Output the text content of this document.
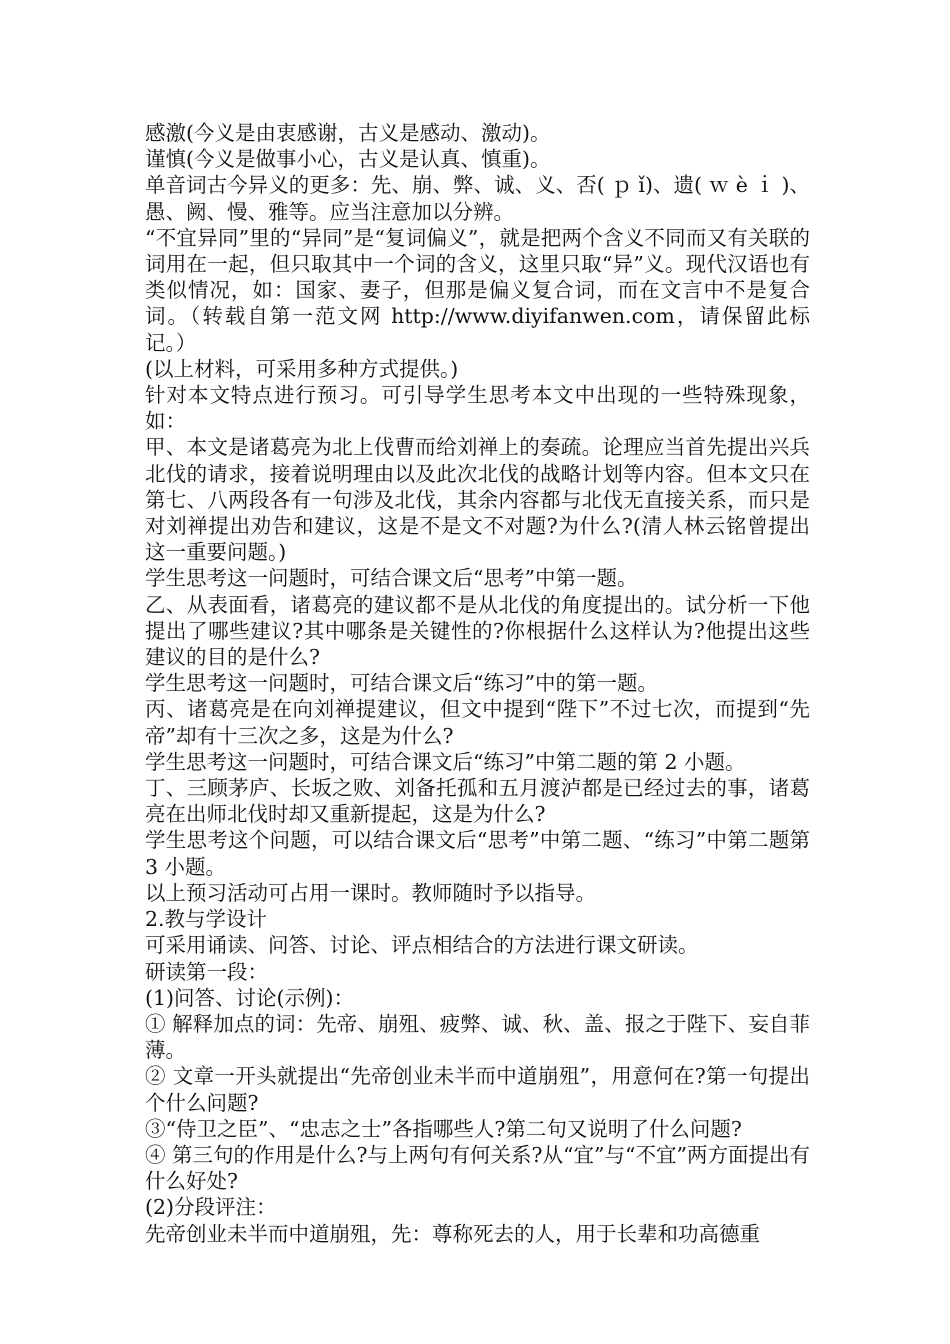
感激(今义是由衷感谢，古义是感动、激动)。

谨慎(今义是做事小心，古义是认真、慎重)。

单音词古今异义的更多：先、崩、弊、诚、义、否( ｐ ǐ)、遗( ｗ è ｉ )、愚、阙、慢、雅等。应当注意加以分辨。

“不宜异同”里的“异同”是“复词偏义”，就是把两个含义不同而又有关联的词用在一起，但只取其中一个词的含义，这里只取“异”义。现代汉语也有类似情况，如：国家、妻子，但那是偏义复合词，而在文言中不是复合词。（转载自第一范文网 http://www.diyifanwen.com，请保留此标记。）

(以上材料，可采用多种方式提供。)

针对本文特点进行预习。可引导学生思考本文中出现的一些特殊现象，如：

甲、本文是诸葛亮为北上伐曹而给刘禅上的奏疏。论理应当首先提出兴兵北伐的请求，接着说明理由以及此次北伐的战略计划等内容。但本文只在第七、八两段各有一句涉及北伐，其余内容都与北伐无直接关系，而只是对刘禅提出劝告和建议，这是不是文不对题?为什么?(清人林云铭曾提出这一重要问题。)

学生思考这一问题时，可结合课文后“思考”中第一题。

乙、从表面看，诸葛亮的建议都不是从北伐的角度提出的。试分析一下他提出了哪些建议?其中哪条是关键性的?你根据什么这样认为?他提出这些建议的目的是什么?

学生思考这一问题时，可结合课文后“练习”中的第一题。

丙、诸葛亮是在向刘禅提建议，但文中提到“陛下”不过七次，而提到“先帝”却有十三次之多，这是为什么?

学生思考这一问题时，可结合课文后“练习”中第二题的第 2 小题。

丁、三顾茅庐、长坂之败、刘备托孤和五月渡泸都是已经过去的事，诸葛亮在出师北伐时却又重新提起，这是为什么?

学生思考这个问题，可以结合课文后“思考”中第二题、“练习”中第二题第 3 小题。

以上预习活动可占用一课时。教师随时予以指导。

2.教与学设计

可采用诵读、问答、讨论、评点相结合的方法进行课文研读。

研读第一段：

(1)问答、讨论(示例)：

① 解释加点的词：先帝、崩殂、疲弊、诚、秋、盖、报之于陛下、妄自菲薄。

② 文章一开头就提出“先帝创业未半而中道崩殂”，用意何在?第一句提出个什么问题?

③“侍卫之臣”、“忠志之士”各指哪些人?第二句又说明了什么问题?

④ 第三句的作用是什么?与上两句有何关系?从“宜”与“不宜”两方面提出有什么好处?

(2)分段评注：

先帝创业未半而中道崩殂，先：尊称死去的人，用于长辈和功高德重
